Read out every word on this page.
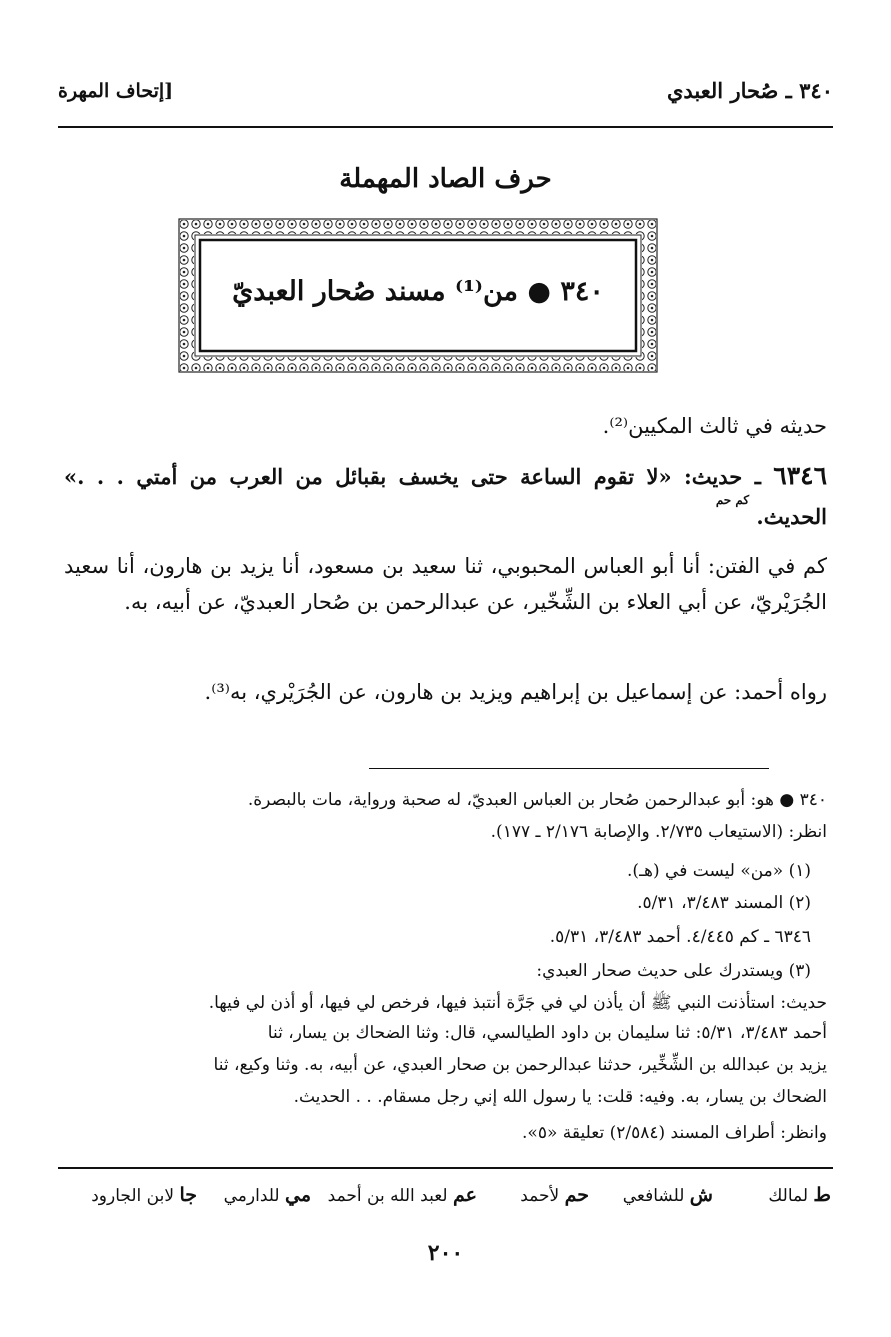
٣٤٠ ـ صُحار العبدي
[إتحاف المهرة
حرف الصاد المهملة
٣٤٠ ● من⁽¹⁾ مسند صُحار العبديّ
حديثه في ثالث المكيين⁽²⁾.
٦٣٤٦ ـ حديث: «لا تقوم الساعة حتى يخسف بقبائل من العرب من أمتي . . .» الحديث. $^{كم حم}$
كم في الفتن: أنا أبو العباس المحبوبي، ثنا سعيد بن مسعود، أنا يزيد بن هارون، أنا سعيد الجُرَيْريّ، عن أبي العلاء بن الشِّخّير، عن عبدالرحمن بن صُحار العبديّ، عن أبيه، به.
رواه أحمد: عن إسماعيل بن إبراهيم ويزيد بن هارون، عن الجُرَيْري، به⁽³⁾.
٣٤٠ ● هو: أبو عبدالرحمن صُحار بن العباس العبديّ، له صحبة ورواية، مات بالبصرة.
انظر: (الاستيعاب ٢/٧٣٥. والإصابة ٢/١٧٦ ـ ١٧٧).
(١) «من» ليست في (هـ).
(٢) المسند ٣/٤٨٣، ٥/٣١.
٦٣٤٦ ـ كم ٤/٤٤٥. أحمد ٣/٤٨٣، ٥/٣١.
(٣) ويستدرك على حديث صحار العبدي:
حديث: استأذنت النبي ﷺ أن يأذن لي في جَرَّة أنتبذ فيها، فرخص لي فيها، أو أذن لي فيها.
أحمد ٣/٤٨٣، ٥/٣١: ثنا سليمان بن داود الطيالسي، قال: وثنا الضحاك بن يسار، ثنا
يزيد بن عبدالله بن الشِّخِّير، حدثنا عبدالرحمن بن صحار العبدي، عن أبيه، به. وثنا وكيع، ثنا
الضحاك بن يسار، به. وفيه: قلت: يا رسول الله إني رجل مسقام. . . الحديث.
وانظر: أطراف المسند (٢/٥٨٤) تعليقة «٥».
ط لمالك
ش للشافعي
حم لأحمد
عم لعبد الله بن أحمد
مي للدارمي
جا لابن الجارود
٢٠٠
